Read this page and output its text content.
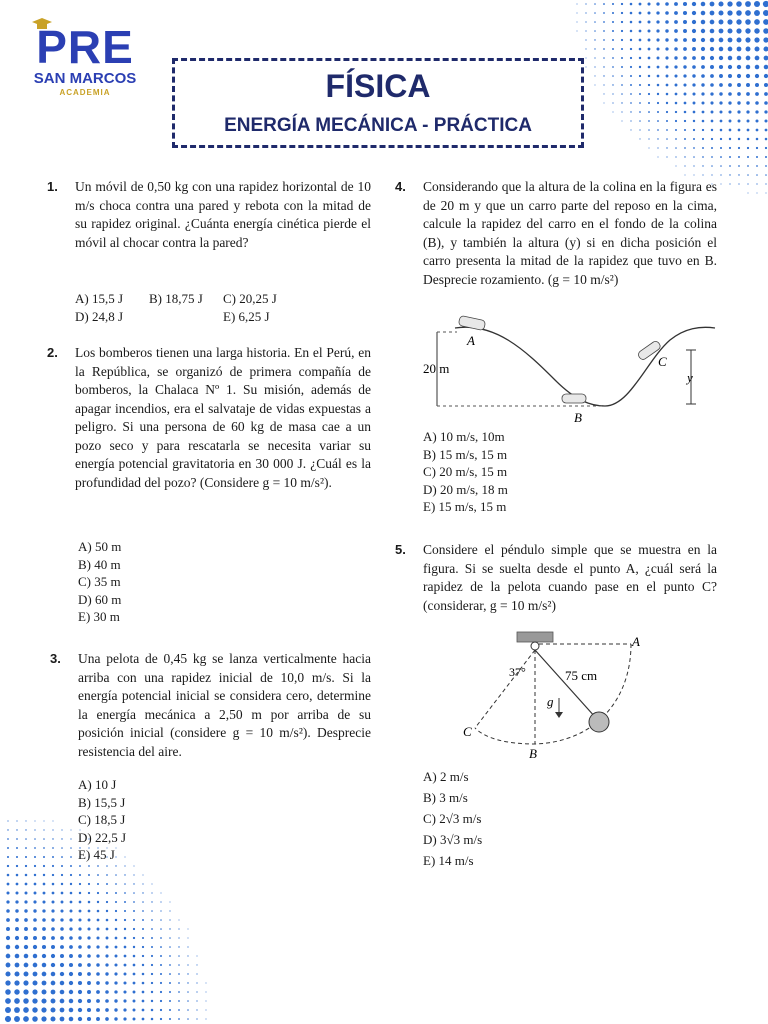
PRE
SAN MARCOS
ACADEMIA	FÍSICA
ENERGÍA MECÁNICA - PRÁCTICA
1. Un móvil de 0,50 kg con una rapidez horizontal de 10 m/s choca contra una pared y rebota con la mitad de su rapidez original. ¿Cuánta energía cinética pierde el móvil al chocar contra la pared?
A) 15,5 J B) 18,75 J C) 20,25 J
D) 24,8 J	E) 6,25 J
2. Los bomberos tienen una larga historia. En el Perú, en la República, se organizó de primera compañía de bomberos, la Chalaca Nº 1. Su misión, además de apagar incendios, era el salvataje de vidas expuestas a peligro. Si una persona de 60 kg de masa cae a un pozo seco y para rescatarla se necesita variar su energía potencial gravitatoria en 30 000 J. ¿Cuál es la profundidad del pozo? (Considere g = 10 m/s²).
A) 50 m
B) 40 m
C) 35 m
D) 60 m
E) 30 m
3. Una pelota de 0,45 kg se lanza verticalmente hacia arriba con una rapidez inicial de 10,0 m/s. Si la energía potencial inicial se considera cero, determine la energía mecánica a 2,50 m por arriba de su posición inicial (considere g = 10 m/s²). Desprecie resistencia del aire.
A) 10 J
B) 15,5 J
C) 18,5 J
D) 22,5 J
E) 45 J
4. Considerando que la altura de la colina en la figura es de 20 m y que un carro parte del reposo en la cima, calcule la rapidez del carro en el fondo de la colina (B), y también la altura (y) si en dicha posición el carro presenta la mitad de la rapidez que tuvo en B. Desprecie rozamiento. (g = 10 m/s²)
20 m
A
B
C
y
A) 10 m/s, 10m
B) 15 m/s, 15 m
C) 20 m/s, 15 m
D) 20 m/s, 18 m
E) 15 m/s, 15 m
5. Considere el péndulo simple que se muestra en la figura. Si se suelta desde el punto A, ¿cuál será la rapidez de la pelota cuando pase en el punto C? (considerar, g = 10 m/s²)
37°	75 cm
g
A
B
C
A) 2 m/s
B) 3 m/s
C) 2√3 m/s
D) 3√3 m/s
E) 14 m/s
